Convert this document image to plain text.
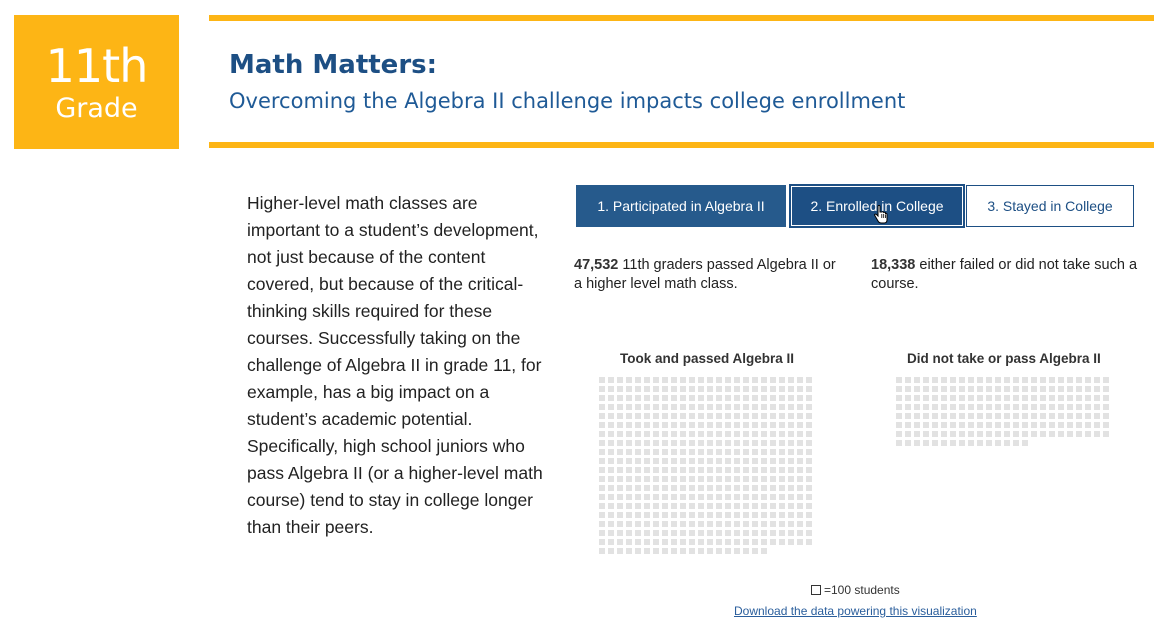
11th
Grade
Math Matters:
Overcoming the Algebra II challenge impacts college enrollment
Higher-level math classes are important to a student’s development, not just because of the content covered, but because of the critical-thinking skills required for these courses. Successfully taking on the challenge of Algebra II in grade 11, for example, has a big impact on a student’s academic potential. Specifically, high school juniors who pass Algebra II (or a higher-level math course) tend to stay in college longer than their peers.
1. Participated in Algebra II	2. Enrolled in College	3. Stayed in College
47,532 11th graders passed Algebra II or a higher level math class.
18,338 either failed or did not take such a course.
Took and passed Algebra II	Did not take or pass Algebra II
=100 students
Download the data powering this visualization
